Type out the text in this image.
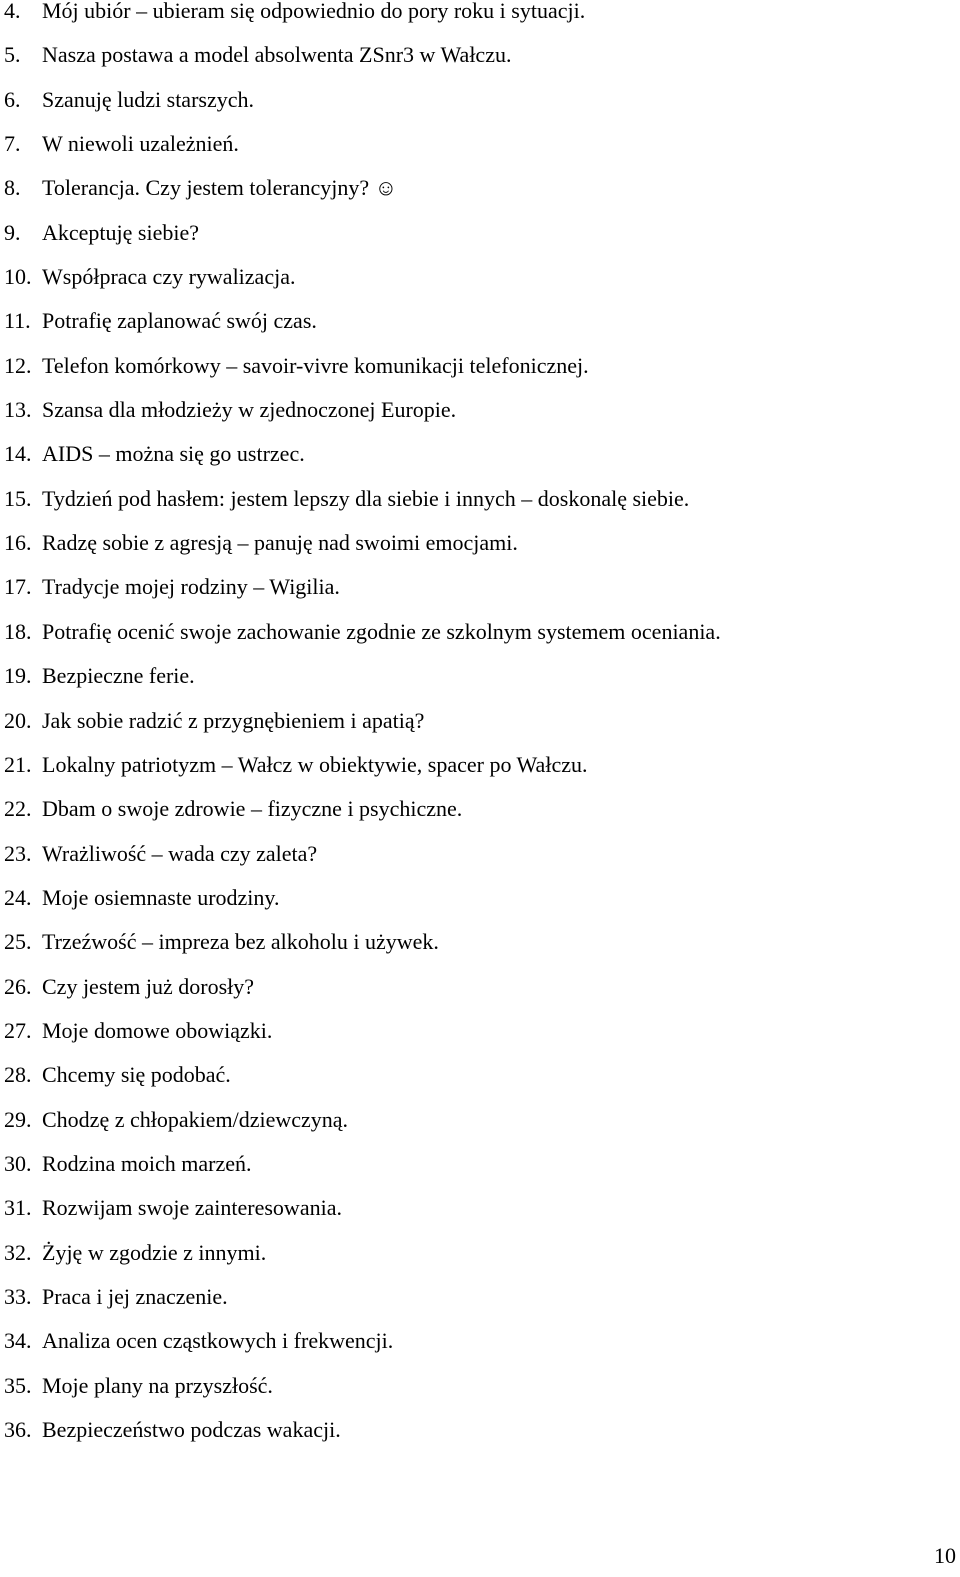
4. Mój ubiór – ubieram się odpowiednio do pory roku i sytuacji.
5. Nasza postawa a model absolwenta ZSnr3 w Wałczu.
6. Szanuję ludzi starszych.
7. W niewoli uzależnień.
8. Tolerancja. Czy jestem tolerancyjny? ☺
9. Akceptuję siebie?
10. Współpraca czy rywalizacja.
11. Potrafię zaplanować swój czas.
12. Telefon komórkowy – savoir-vivre komunikacji telefonicznej.
13. Szansa dla młodzieży w zjednoczonej Europie.
14. AIDS – można się go ustrzec.
15. Tydzień pod hasłem: jestem lepszy dla siebie i innych – doskonalę siebie.
16. Radzę sobie z agresją – panuję nad swoimi emocjami.
17. Tradycje mojej rodziny – Wigilia.
18. Potrafię ocenić swoje zachowanie zgodnie ze szkolnym systemem oceniania.
19. Bezpieczne ferie.
20. Jak sobie radzić z przygnębieniem i apatią?
21. Lokalny patriotyzm – Wałcz w obiektywie, spacer po Wałczu.
22. Dbam o swoje zdrowie – fizyczne i psychiczne.
23. Wrażliwość – wada czy zaleta?
24. Moje osiemnaste urodziny.
25. Trzeźwość – impreza bez alkoholu i używek.
26. Czy jestem już dorosły?
27. Moje domowe obowiązki.
28. Chcemy się podobać.
29. Chodzę z chłopakiem/dziewczyną.
30. Rodzina moich marzeń.
31. Rozwijam swoje zainteresowania.
32. Żyję w zgodzie z innymi.
33. Praca i jej znaczenie.
34. Analiza ocen cząstkowych i frekwencji.
35. Moje plany na przyszłość.
36. Bezpieczeństwo podczas wakacji.
10
